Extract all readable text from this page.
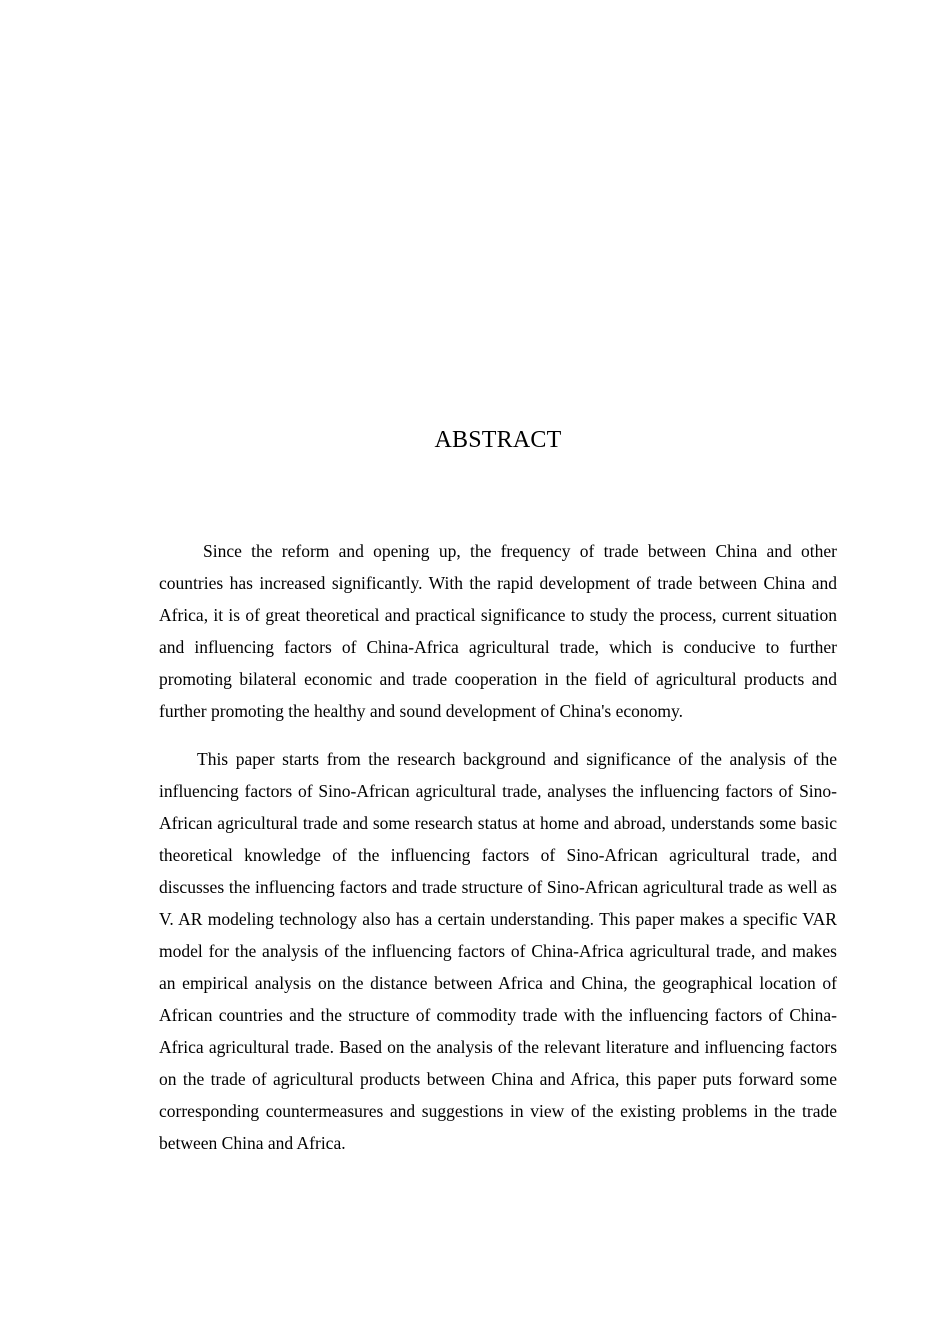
ABSTRACT

Since the reform and opening up, the frequency of trade between China and other countries has increased significantly. With the rapid development of trade between China and Africa, it is of great theoretical and practical significance to study the process, current situation and influencing factors of China-Africa agricultural trade, which is conducive to further promoting bilateral economic and trade cooperation in the field of agricultural products and further promoting the healthy and sound development of China's economy.

This paper starts from the research background and significance of the analysis of the influencing factors of Sino-African agricultural trade, analyses the influencing factors of Sino-African agricultural trade and some research status at home and abroad, understands some basic theoretical knowledge of the influencing factors of Sino-African agricultural trade, and discusses the influencing factors and trade structure of Sino-African agricultural trade as well as V. AR modeling technology also has a certain understanding. This paper makes a specific VAR model for the analysis of the influencing factors of China-Africa agricultural trade, and makes an empirical analysis on the distance between Africa and China, the geographical location of African countries and the structure of commodity trade with the influencing factors of China-Africa agricultural trade. Based on the analysis of the relevant literature and influencing factors on the trade of agricultural products between China and Africa, this paper puts forward some corresponding countermeasures and suggestions in view of the existing problems in the trade between China and Africa.
